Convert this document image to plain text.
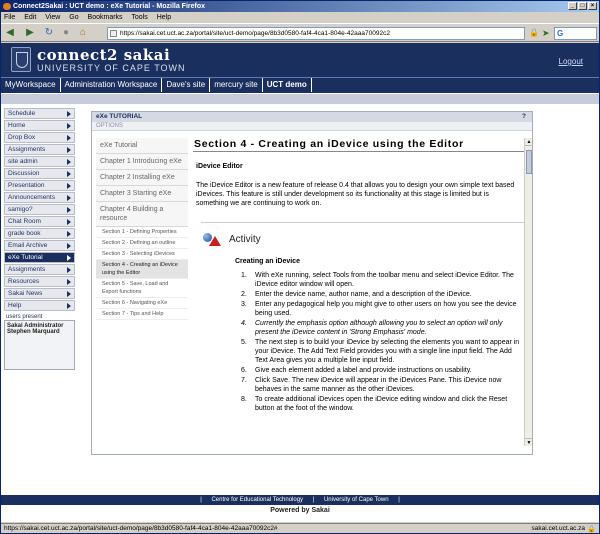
Connect2Sakai : UCT demo : eXe Tutorial - Mozilla Firefox	_	□	×
File Edit View Go Bookmarks Tools Help
◀ ▶ ↻ ● ⌂	https://sakai.cet.uct.ac.za/portal/site/uct-demo/page/8b3d0580-faf4-4ca1-804e-42aaa70092c2	🔒 ➤ G
connect2 sakai
UNIVERSITY OF CAPE TOWN
Logout
MyWorkspace	Administration Workspace	Dave's site	mercury site	UCT demo
Schedule
Home
Drop Box
Assignments
site admin
Discussion
Presentation
Announcements
samigo?
Chat Room
grade book
Email Archive
eXe Tutorial
Assignments
Resources
Sakai News
Help
users present
Sakai Administrator
Stephen Marquard
eXe TUTORIAL	?
OPTIONS
eXe Tutorial
Chapter 1 Introducing eXe
Chapter 2 Installing eXe
Chapter 3 Starting eXe
Chapter 4 Building a resource
Section 1 - Defining Properties
Section 2 - Defining an outline
Section 3 - Selecting iDevices
Section 4 - Creating an iDevice using the Editor
Section 5 - Save, Load and Export functions
Section 6 - Navigating eXe
Section 7 - Tips and Help
Section 4 - Creating an iDevice using the Editor
iDevice Editor
The iDevice Editor is a new feature of release 0.4 that allows you to design your own simple text based iDevices. This feature is still under development so its functionality at this stage is limited but is something we are continuing to work on.
Activity
Creating an iDevice
1. With eXe running, select Tools from the toolbar menu and select iDevice Editor. The iDevice editor window will open.
2. Enter the device name, author name, and a description of the iDevice.
3. Enter any pedagogical help you might give to other users on how you see the device being used.
4. Currently the emphasis option although allowing you to select an option will only present the iDevice content in 'Strong Emphasis' mode.
5. The next step is to build your iDevice by selecting the elements you want to appear in your iDevice. The Add Text Field provides you with a single line input field. The Add Text Area gives you a multiple line input field.
6. Give each element added a label and provide instructions on usability.
7. Click Save. The new iDevice will appear in the iDevices Pane. This iDevice now behaves in the same manner as the other iDevices.
8. To create additional iDevices open the iDevice editing window and click the Reset button at the foot of the window.
▲
▼
| Centre for Educational Technology | University of Cape Town |
Powered by Sakai
https://sakai.cet.uct.ac.za/portal/site/uct-demo/page/8b3d0580-faf4-4ca1-804e-42aaa70092c2#	sakai.cet.uct.ac.za 🔒
